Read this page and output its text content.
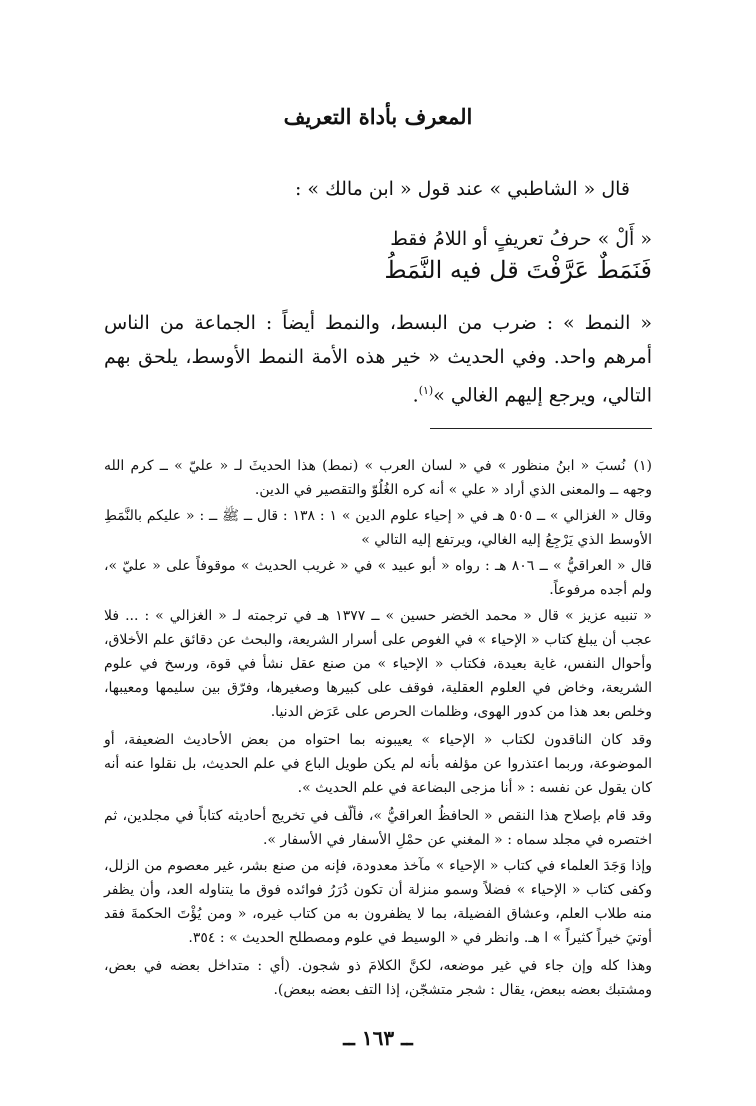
المعرف بأداة التعريف
قال « الشاطبي » عند قول « ابن مالك » :
« أَلْ » حرفُ تعريفٍ أو اللامُ فقط
فَنَمَطٌ عَرَّفْتَ قل فيه النَّمَطُ
« النمط » : ضرب من البسط، والنمط أيضاً : الجماعة من الناس أمرهم واحد. وفي الحديث « خير هذه الأمة النمط الأوسط، يلحق بهم التالي، ويرجع إليهم الغالي »$^{(١)}$.
(١)نُسبَ « ابنُ منظور » في « لسان العرب » (نمط) هذا الحديثَ لـ « عليّ » ــ كرم الله وجهه ــ والمعنى الذي أراد « علي » أنه كره الغُلُوّ والتقصير في الدين.
وقال « الغزالي » ــ ٥٠٥ هـ في « إحياء علوم الدين » ١ : ١٣٨ : قال ــ ﷺ ــ : « عليكم بالنَّمَطِ الأوسط الذي يَرْجِعُ إليه الغالي، ويرتفع إليه التالي »
قال « العراقيُّ » ــ ٨٠٦ هـ : رواه « أبو عبيد » في « غريب الحديث » موقوفاً على « عليّ »، ولم أجده مرفوعاً.
« تنبيه عزيز » قال « محمد الخضر حسين » ــ ١٣٧٧ هـ في ترجمته لـ « الغزالي » : ... فلا عجب أن يبلغ كتاب « الإحياء » في الغوص على أسرار الشريعة، والبحث عن دقائق علم الأخلاق، وأحوال النفس، غاية بعيدة، فكتاب « الإحياء » من صنع عقل نشأ في قوة، ورسخ في علوم الشريعة، وخاض في العلوم العقلية، فوقف على كبيرها وصغيرها، وفرّق بين سليمها ومعيبها، وخلص بعد هذا من كدور الهوى، وظلمات الحرص على عَرَض الدنيا.
وقد كان الناقدون لكتاب « الإحياء » يعيبونه بما احتواه من بعض الأحاديث الضعيفة، أو الموضوعة، وربما اعتذروا عن مؤلفه بأنه لم يكن طويل الباع في علم الحديث، بل نقلوا عنه أنه كان يقول عن نفسه : « أنا مزجى البضاعة في علم الحديث ».
وقد قام بإصلاح هذا النقص « الحافظُ العراقيُّ »، فألّف في تخريج أحاديثه كتاباً في مجلدين، ثم اختصره في مجلد سماه : « المغني عن حمْلِ الأسفار في الأسفار ».
وإذا وَجَدَ العلماء في كتاب « الإحياء » مآخذ معدودة، فإنه من صنع بشر، غير معصوم من الزلل، وكفى كتاب « الإحياء » فضلاً وسمو منزلة أن تكون دُرَرُ فوائده فوق ما يتناوله العد، وأن يظفر منه طلاب العلم، وعشاق الفضيلة، بما لا يظفرون به من كتاب غيره، « ومن يُؤْتَ الحكمةَ فقد أوتيَ خيراً كثيراً » ا هـ. وانظر في « الوسيط في علوم ومصطلح الحديث » : ٣٥٤.
وهذا كله وإن جاء في غير موضعه، لكنَّ الكلامَ ذو شجون. (أي : متداخل بعضه في بعض، ومشتبك بعضه ببعض، يقال : شجر متشجّن، إذا التف بعضه ببعض).
ــ ١٦٣ ــ
